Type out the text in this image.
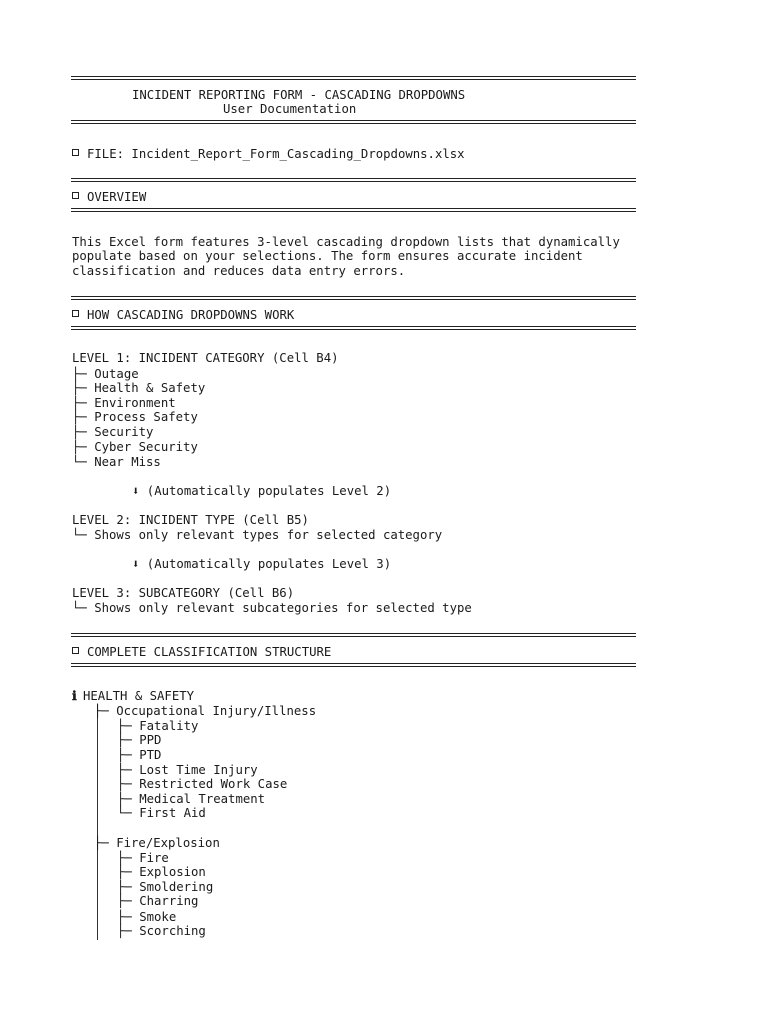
INCIDENT REPORTING FORM - CASCADING DROPDOWNS
User Documentation
FILE: Incident_Report_Form_Cascading_Dropdowns.xlsx
OVERVIEW
This Excel form features 3-level cascading dropdown lists that dynamically
populate based on your selections. The form ensures accurate incident
classification and reduces data entry errors.
HOW CASCADING DROPDOWNS WORK
LEVEL 1: INCIDENT CATEGORY (Cell B4)
├─ Outage
├─ Health & Safety
├─ Environment
├─ Process Safety
├─ Security
├─ Cyber Security
└─ Near Miss
⬇ (Automatically populates Level 2)
LEVEL 2: INCIDENT TYPE (Cell B5)
└─ Shows only relevant types for selected category
⬇ (Automatically populates Level 3)
LEVEL 3: SUBCATEGORY (Cell B6)
└─ Shows only relevant subcategories for selected type
COMPLETE CLASSIFICATION STRUCTURE
ℹ HEALTH & SAFETY
├─ Occupational Injury/Illness
├─ Fatality
├─ PPD
├─ PTD
├─ Lost Time Injury
├─ Restricted Work Case
├─ Medical Treatment
└─ First Aid
├─ Fire/Explosion
├─ Fire
├─ Explosion
├─ Smoldering
├─ Charring
├─ Smoke
├─ Scorching
